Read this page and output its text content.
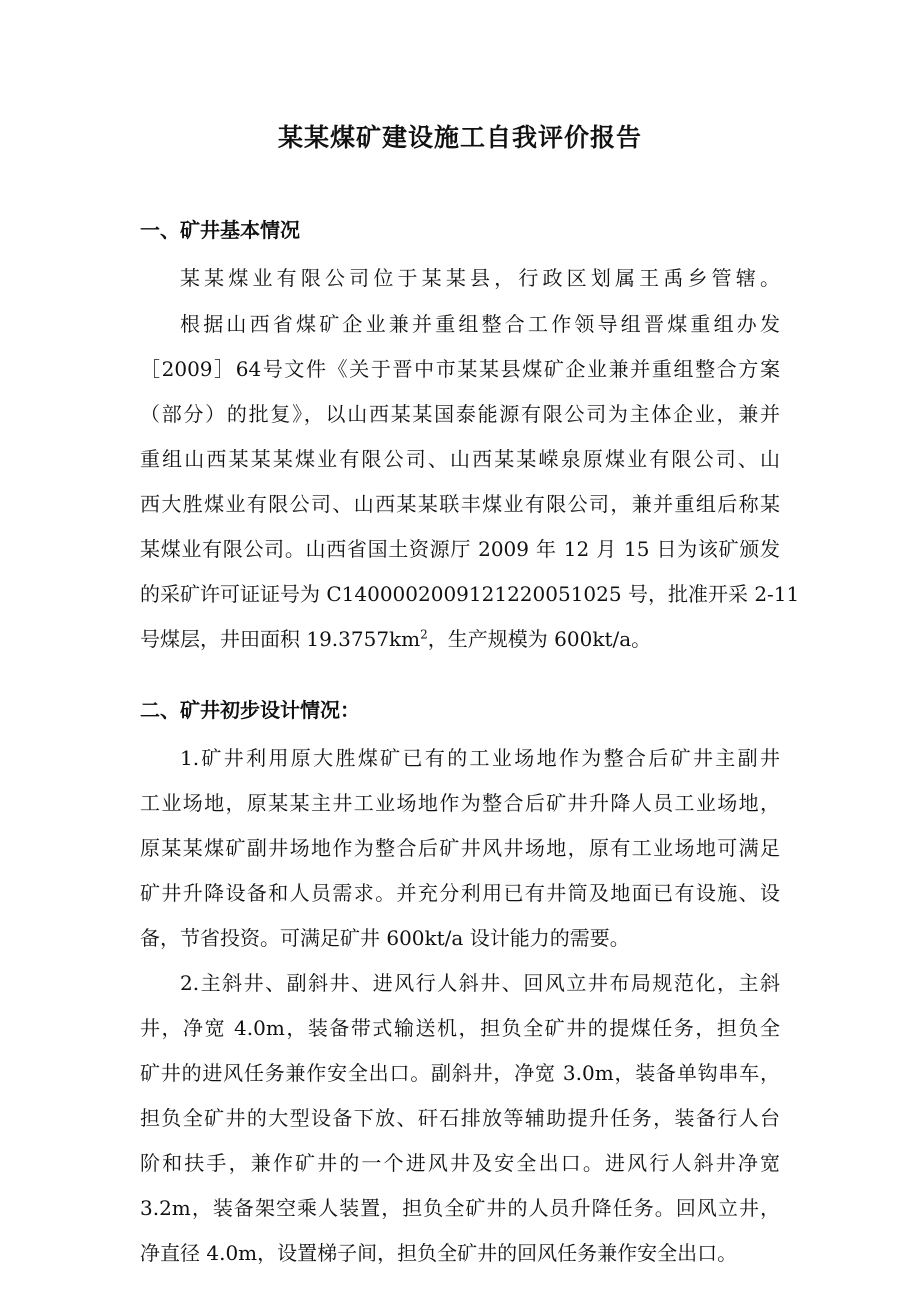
某某煤矿建设施工自我评价报告
一、矿井基本情况
某某煤业有限公司位于某某县，行政区划属王禹乡管辖。
根据山西省煤矿企业兼并重组整合工作领导组晋煤重组办发
［2009］64号文件《关于晋中市某某县煤矿企业兼并重组整合方案
（部分）的批复》，以山西某某国泰能源有限公司为主体企业，兼并
重组山西某某某煤业有限公司、山西某某嵘泉原煤业有限公司、山
西大胜煤业有限公司、山西某某联丰煤业有限公司，兼并重组后称某
某煤业有限公司。山西省国土资源厅 2009 年 12 月 15 日为该矿颁发
的采矿许可证证号为 C1400002009121220051025 号，批准开采 2-11
号煤层，井田面积 $19.3757km^2$，生产规模为 600kt/a。
二、矿井初步设计情况：
1.矿井利用原大胜煤矿已有的工业场地作为整合后矿井主副井
工业场地，原某某主井工业场地作为整合后矿井升降人员工业场地，
原某某煤矿副井场地作为整合后矿井风井场地，原有工业场地可满足
矿井升降设备和人员需求。并充分利用已有井筒及地面已有设施、设
备，节省投资。可满足矿井 600kt/a 设计能力的需要。
2.主斜井、副斜井、进风行人斜井、回风立井布局规范化，主斜
井，净宽 4.0m，装备带式输送机，担负全矿井的提煤任务，担负全
矿井的进风任务兼作安全出口。副斜井，净宽 3.0m，装备单钩串车，
担负全矿井的大型设备下放、矸石排放等辅助提升任务，装备行人台
阶和扶手，兼作矿井的一个进风井及安全出口。进风行人斜井净宽
3.2m，装备架空乘人装置，担负全矿井的人员升降任务。回风立井，
净直径 4.0m，设置梯子间，担负全矿井的回风任务兼作安全出口。
